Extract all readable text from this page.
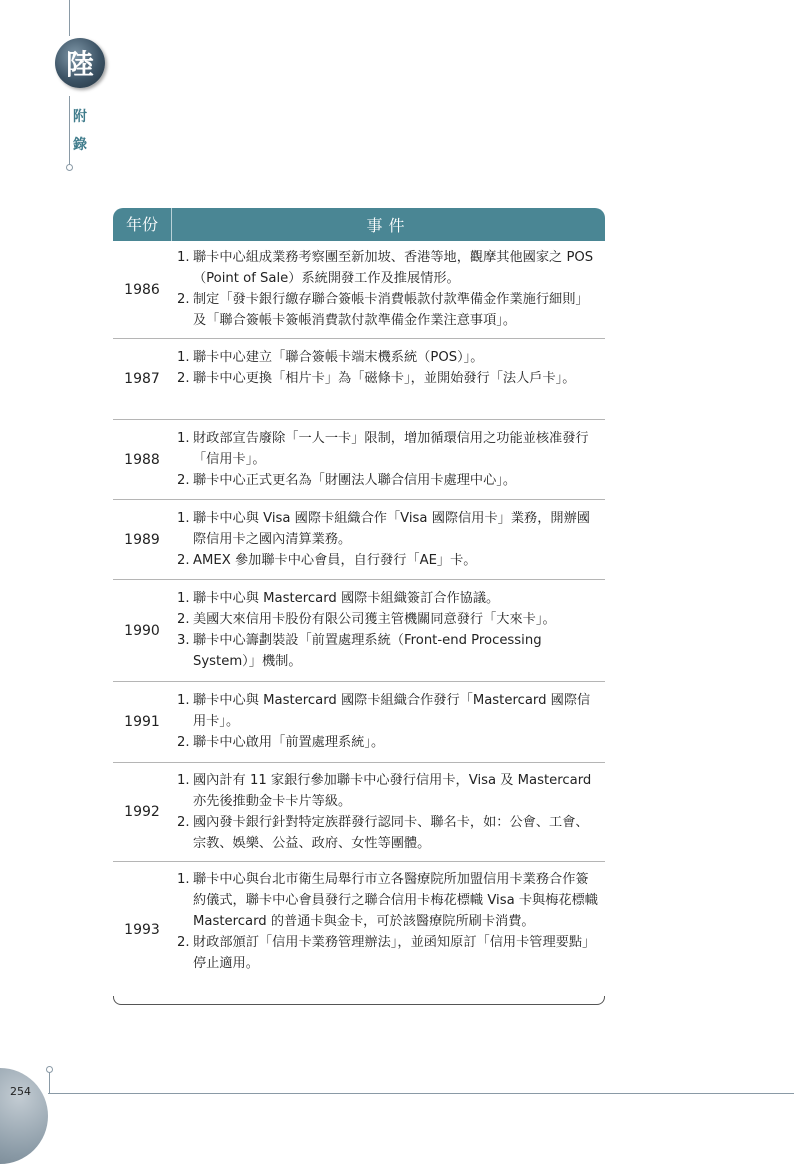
陸
附錄
年份	事件
1986
1. 聯卡中心組成業務考察團至新加坡、香港等地，觀摩其他國家之 POS（Point of Sale）系統開發工作及推展情形。
2. 制定「發卡銀行繳存聯合簽帳卡消費帳款付款準備金作業施行細則」及「聯合簽帳卡簽帳消費款付款準備金作業注意事項」。
1987
1. 聯卡中心建立「聯合簽帳卡端末機系統（POS）」。
2. 聯卡中心更換「相片卡」為「磁條卡」，並開始發行「法人戶卡」。
1988
1. 財政部宣告廢除「一人一卡」限制，增加循環信用之功能並核准發行「信用卡」。
2. 聯卡中心正式更名為「財團法人聯合信用卡處理中心」。
1989
1. 聯卡中心與 Visa 國際卡組織合作「Visa 國際信用卡」業務，開辦國際信用卡之國內清算業務。
2. AMEX 參加聯卡中心會員，自行發行「AE」卡。
1990
1. 聯卡中心與 Mastercard 國際卡組織簽訂合作協議。
2. 美國大來信用卡股份有限公司獲主管機關同意發行「大來卡」。
3. 聯卡中心籌劃裝設「前置處理系統（Front-end Processing System）」機制。
1991
1. 聯卡中心與 Mastercard 國際卡組織合作發行「Mastercard 國際信用卡」。
2. 聯卡中心啟用「前置處理系統」。
1992
1. 國內計有 11 家銀行參加聯卡中心發行信用卡，Visa 及 Mastercard 亦先後推動金卡卡片等級。
2. 國內發卡銀行針對特定族群發行認同卡、聯名卡，如：公會、工會、宗教、娛樂、公益、政府、女性等團體。
1993
1. 聯卡中心與台北市衛生局舉行市立各醫療院所加盟信用卡業務合作簽約儀式，聯卡中心會員發行之聯合信用卡梅花標幟 Visa 卡與梅花標幟 Mastercard 的普通卡與金卡，可於該醫療院所刷卡消費。
2. 財政部頒訂「信用卡業務管理辦法」，並函知原訂「信用卡管理要點」停止適用。
254
